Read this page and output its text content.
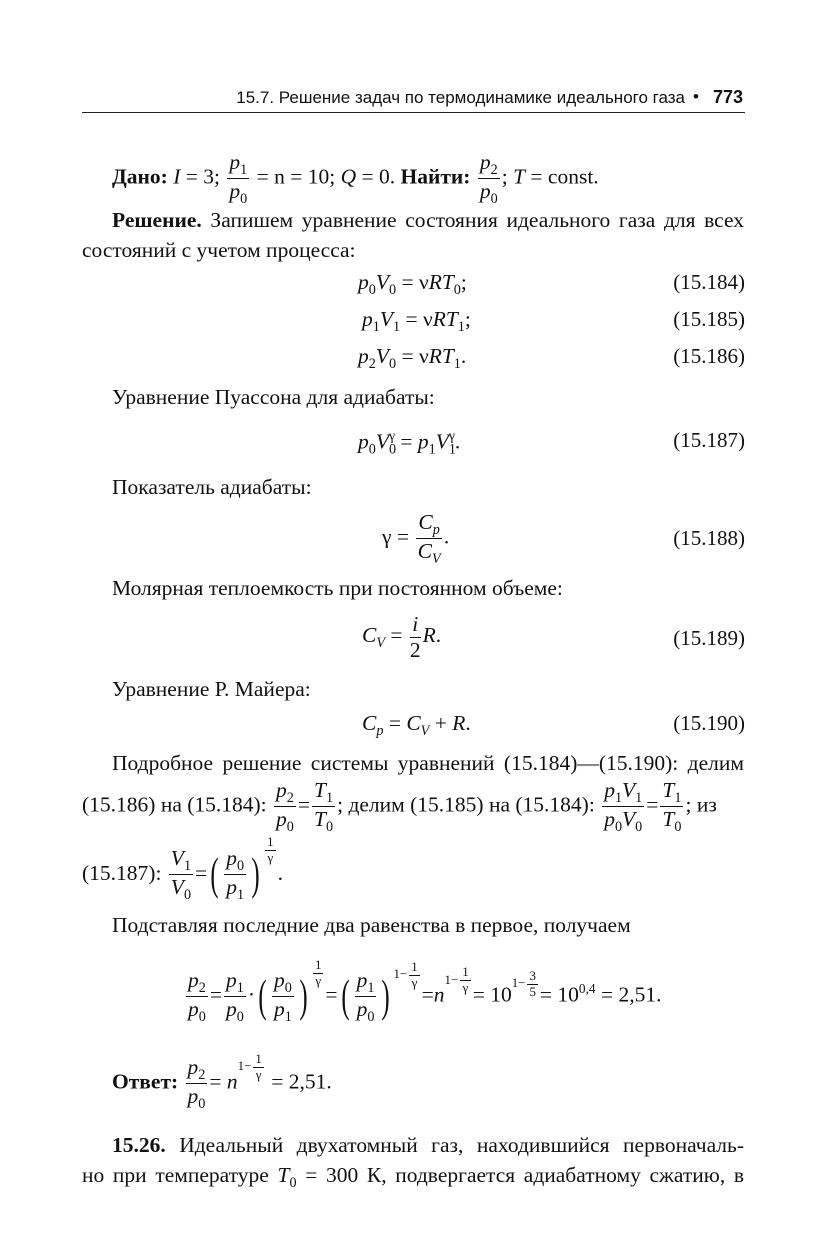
15.7. Решение задач по термодинамике идеального газа • 773
Дано: I = 3; $\frac{p_1}{p_0} = n = 10$; Q = 0. Найти: $\frac{p_2}{p_0}$ ; T = const.
Решение. Запишем уравнение состояния идеального газа для всех
состояний с учетом процесса:
$p_0V_0 = \nu RT_0$;	(15.184)
$p_1V_1 = \nu RT_1$;	(15.185)
$p_2V_0 = \nu RT_1$.	(15.186)
Уравнение Пуассона для адиабаты:
$p_0V_0^\gamma = p_1V_1^\gamma$.	(15.187)
Показатель адиабаты:
$\gamma = \frac{C_p}{C_V}$ .	(15.188)
Молярная теплоемкость при постоянном объеме:
$C_V = \frac{i}{2} R$.	(15.189)
Уравнение Р. Майера:
$C_p = C_V + R$.	(15.190)
Подробное решение системы уравнений (15.184)—(15.190): делим
(15.186) на (15.184): $\frac{p_2}{p_0} = \frac{T_1}{T_0}$ ; делим (15.185) на (15.184): $\frac{p_1V_1}{p_0V_0} = \frac{T_1}{T_0}$ ; из
(15.187): $\frac{V_1}{V_0}$ =( $\frac{p_0}{p_1}$ ) $\frac{1}{\gamma}$
.
Подставляя последние два равенства в первое, получаем
$\frac{p_2}{p_0} = \frac{p_1}{p_0}$ ·( $\frac{p_0}{p_1}$ ) $\frac{1}{\gamma}$
=( $\frac{p_1}{p_0}$ ) $^{1- \frac{1}{\gamma}}$
$=n^{1- \frac{1}{\gamma}} = 10^{1- \frac{3}{5}} = 10^{0,4} = 2,51$.
Ответ: $\frac{p_2}{p_0} = n^{1- \frac{1}{\gamma}} = 2,51$.
15.26. Идеальный двухатомный газ, находившийся первоначаль-
но при температуре $T_0 = 300$ К, подвергается адиабатному сжатию, в
